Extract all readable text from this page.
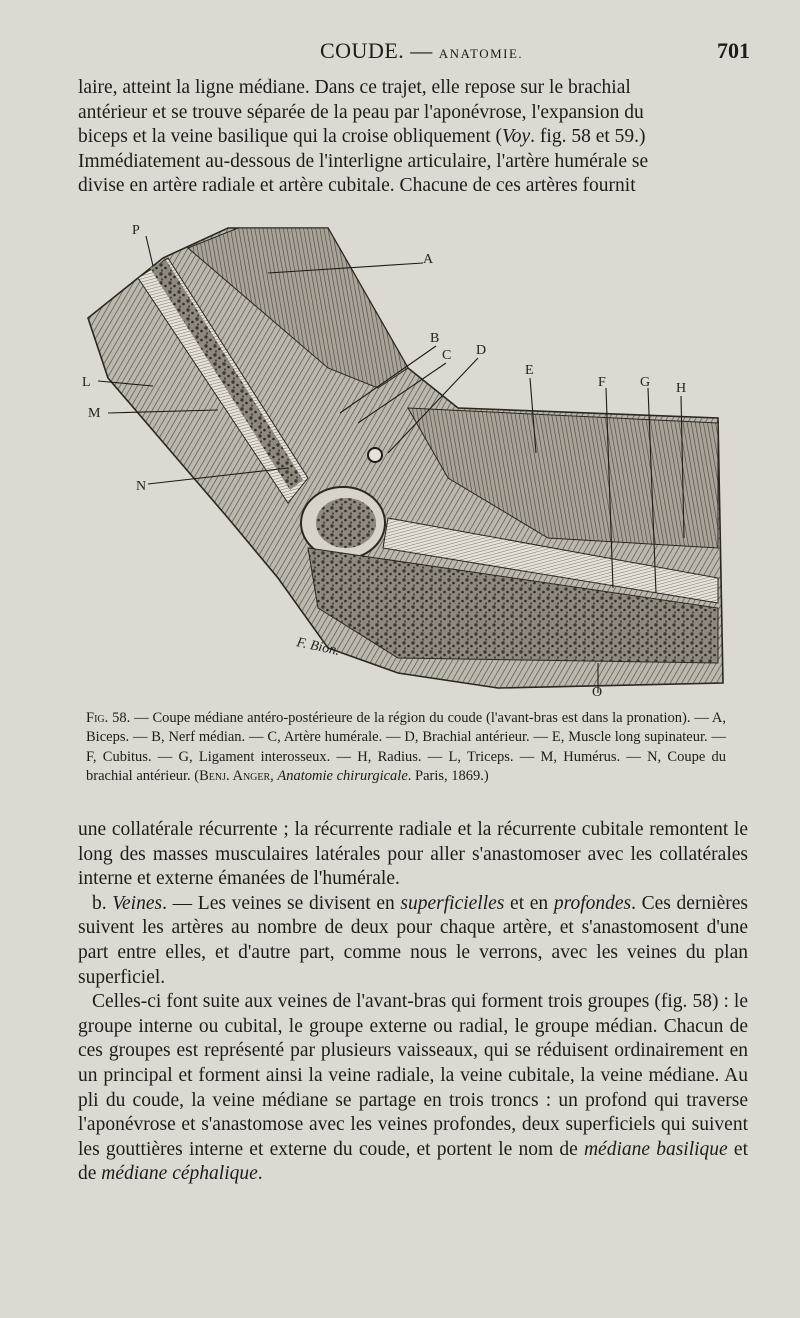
COUDE. — ANATOMIE.	701

laire, atteint la ligne médiane. Dans ce trajet, elle repose sur le brachial

antérieur et se trouve séparée de la peau par l'aponévrose, l'expansion du

biceps et la veine basilique qui la croise obliquement (Voy. fig. 58 et 59.)

Immédiatement au-dessous de l'interligne articulaire, l'artère humérale se

divise en artère radiale et artère cubitale. Chacune de ces artères fournit

A
B
C D
E
F G H
L
M
N
O
P
F. Bion.

Fig. 58. — Coupe médiane antéro-postérieure de la région du coude (l'avant-bras est dans la pronation). — A, Biceps. — B, Nerf médian. — C, Artère humérale. — D, Brachial antérieur. — E, Muscle long supinateur. — F, Cubitus. — G, Ligament interosseux. — H, Radius. — L, Triceps. — M, Humérus. — N, Coupe du brachial antérieur. (Benj. Anger, Anatomie chirurgicale. Paris, 1869.)

une collatérale récurrente ; la récurrente radiale et la récurrente cubitale remontent le long des masses musculaires latérales pour aller s'anastomoser avec les collatérales interne et externe émanées de l'humérale.

b. Veines. — Les veines se divisent en superficielles et en profondes. Ces dernières suivent les artères au nombre de deux pour chaque artère, et s'anastomosent d'une part entre elles, et d'autre part, comme nous le verrons, avec les veines du plan superficiel.

Celles-ci font suite aux veines de l'avant-bras qui forment trois groupes (fig. 58) : le groupe interne ou cubital, le groupe externe ou radial, le groupe médian. Chacun de ces groupes est représenté par plusieurs vaisseaux, qui se réduisent ordinairement en un principal et forment ainsi la veine radiale, la veine cubitale, la veine médiane. Au pli du coude, la veine médiane se partage en trois troncs : un profond qui traverse l'aponévrose et s'anastomose avec les veines profondes, deux superficiels qui suivent les gouttières interne et externe du coude, et portent le nom de médiane basilique et de médiane céphalique.
